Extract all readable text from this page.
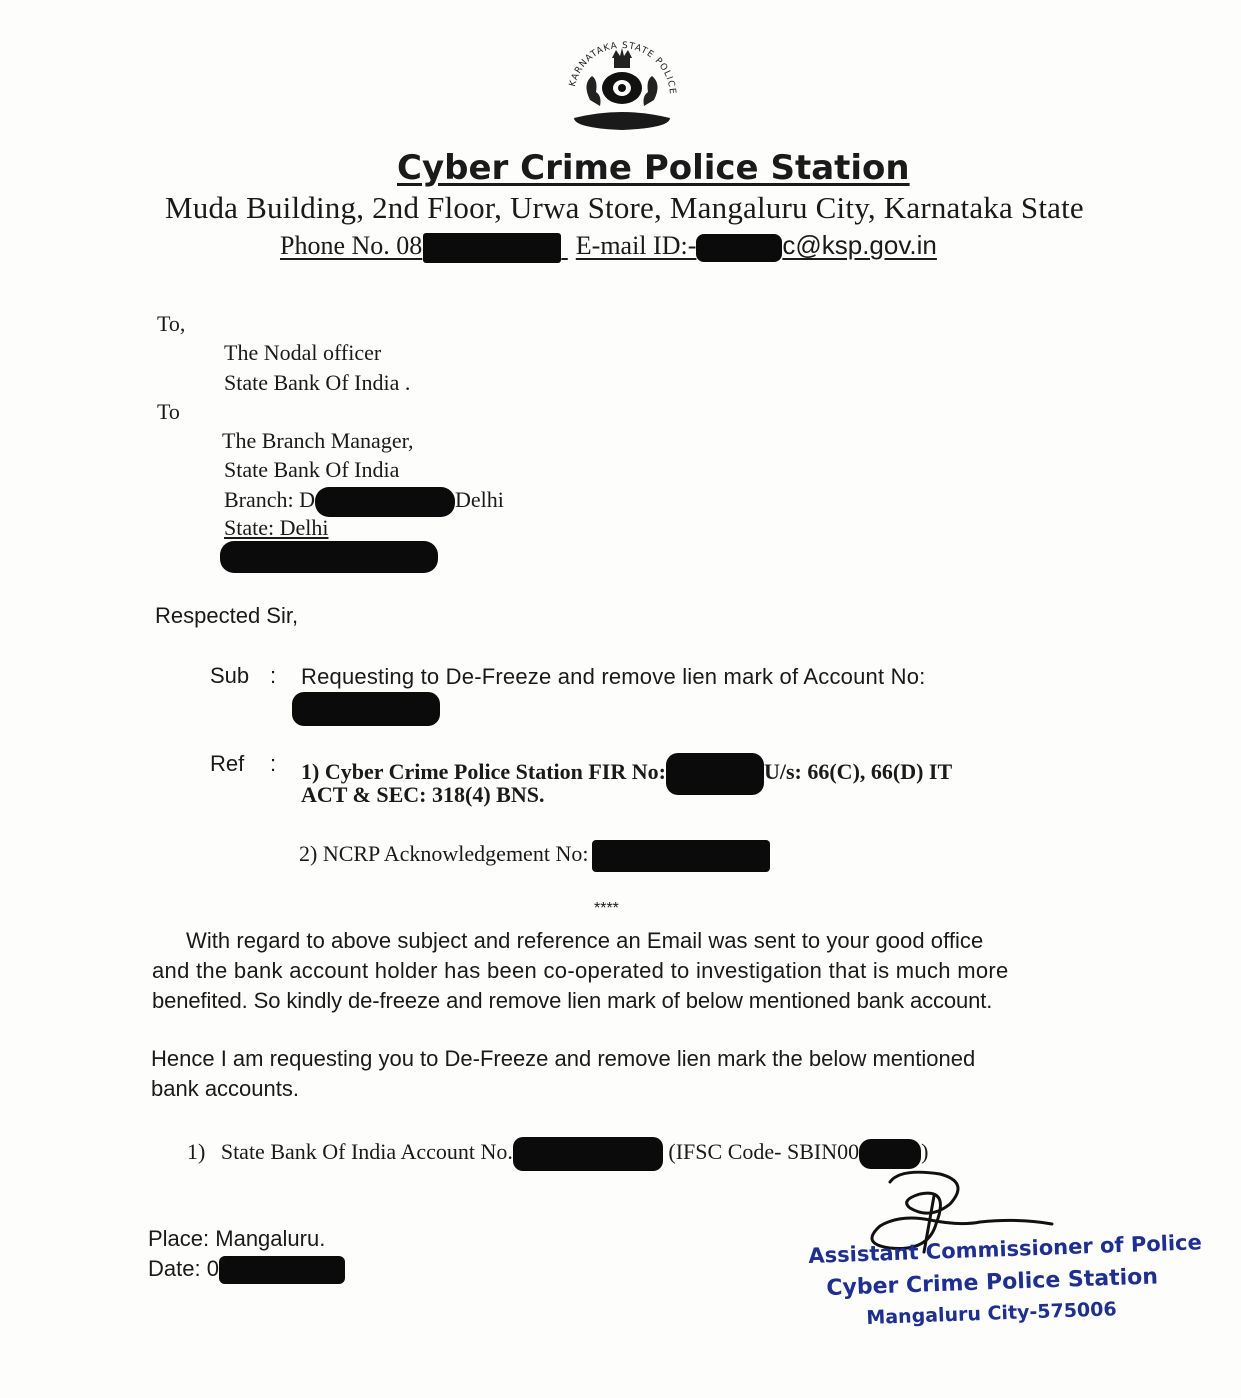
KARNATAKA STATE POLICE
Cyber Crime Police Station
Muda Building, 2nd Floor, Urwa Store, Mangaluru City, Karnataka State
Phone No. 08	E-mail ID:-	c@ksp.gov.in
To,
The Nodal officer
State Bank Of India .
To
The Branch Manager,
State Bank Of India
Branch: D	Delhi
State: Delhi
Respected Sir,
Sub : Requesting to De-Freeze and remove lien mark of Account No:
Ref : 1) Cyber Crime Police Station FIR No:	U/s: 66(C), 66(D) IT
ACT & SEC: 318(4) BNS.
2) NCRP Acknowledgement No:
****
With regard to above subject and reference an Email was sent to your good office
and the bank account holder has been co-operated to investigation that is much more
benefited. So kindly de-freeze and remove lien mark of below mentioned bank account.
Hence I am requesting you to De-Freeze and remove lien mark the below mentioned
bank accounts.
1) State Bank Of India Account No.	(IFSC Code- SBIN00	)
Place: Mangaluru.
Date: 0
Assistant Commissioner of Police
Cyber Crime Police Station
Mangaluru City-575006
